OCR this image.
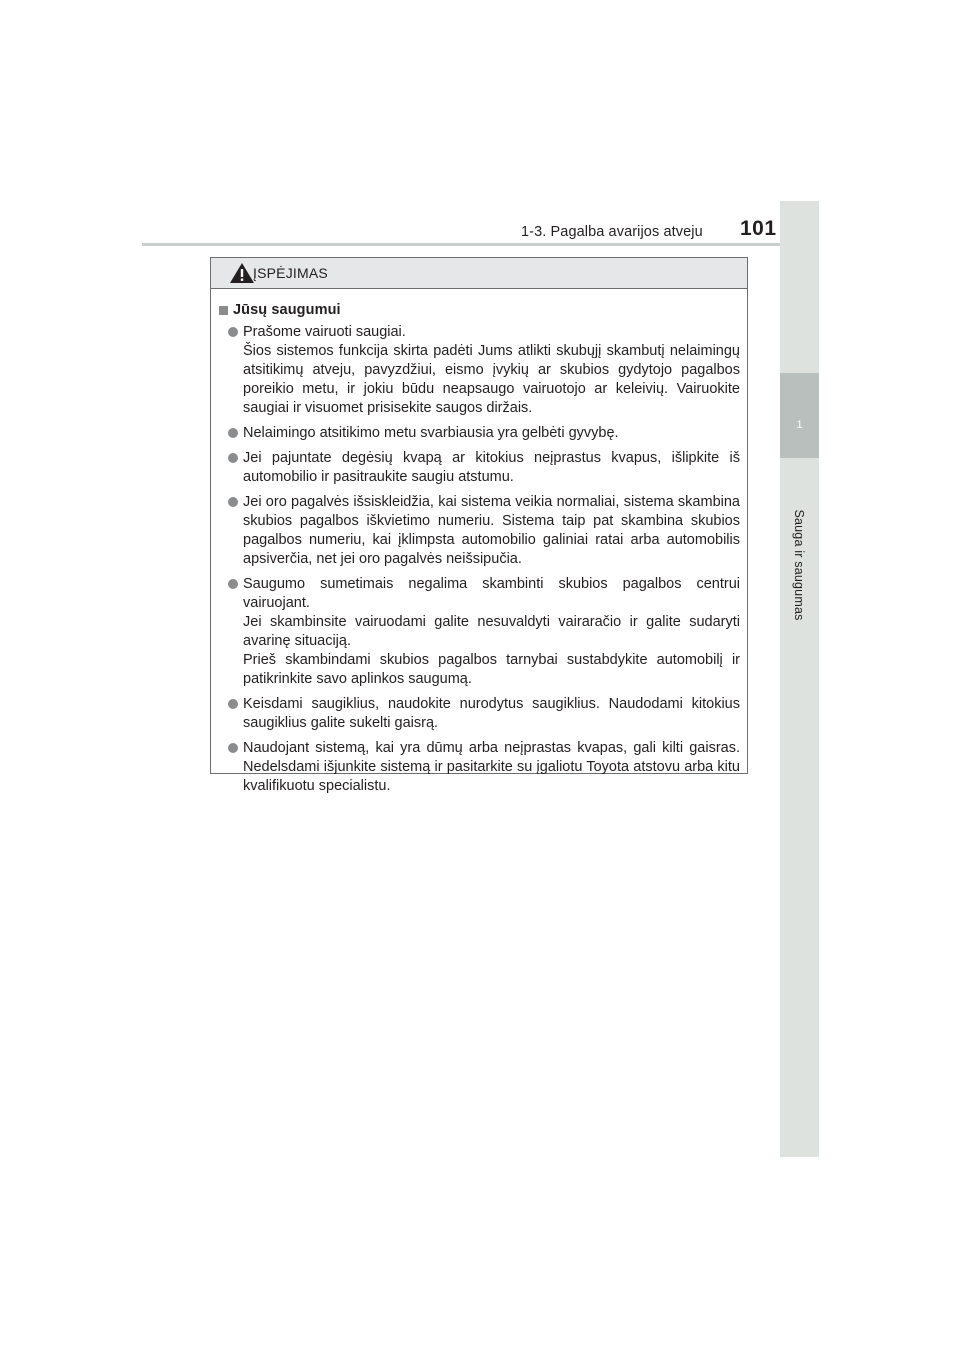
1-3. Pagalba avarijos atveju 101
1
Sauga ir saugumas
ĮSPĖJIMAS
Jūsų saugumui

Prašome vairuoti saugiai.

Šios sistemos funkcija skirta padėti Jums atlikti skubųjį skambutį nelaimingų atsitikimų atveju, pavyzdžiui, eismo įvykių ar skubios gydytojo pagalbos poreikio metu, ir jokiu būdu neapsaugo vairuotojo ar keleivių. Vairuokite saugiai ir visuomet prisisekite saugos diržais.

Nelaimingo atsitikimo metu svarbiausia yra gelbėti gyvybę.

Jei pajuntate degėsių kvapą ar kitokius neįprastus kvapus, išlipkite iš automobilio ir pasitraukite saugiu atstumu.

Jei oro pagalvės išsiskleidžia, kai sistema veikia normaliai, sistema skambina skubios pagalbos iškvietimo numeriu. Sistema taip pat skambina skubios pagalbos numeriu, kai įklimpsta automobilio galiniai ratai arba automobilis apsiverčia, net jei oro pagalvės neišsipučia.

Saugumo sumetimais negalima skambinti skubios pagalbos centrui vairuojant.

Jei skambinsite vairuodami galite nesuvaldyti vairaračio ir galite sudaryti avarinę situaciją.

Prieš skambindami skubios pagalbos tarnybai sustabdykite automobilį ir patikrinkite savo aplinkos saugumą.

Keisdami saugiklius, naudokite nurodytus saugiklius. Naudodami kitokius saugiklius galite sukelti gaisrą.

Naudojant sistemą, kai yra dūmų arba neįprastas kvapas, gali kilti gaisras. Nedelsdami išjunkite sistemą ir pasitarkite su įgaliotu Toyota atstovu arba kitu kvalifikuotu specialistu.
